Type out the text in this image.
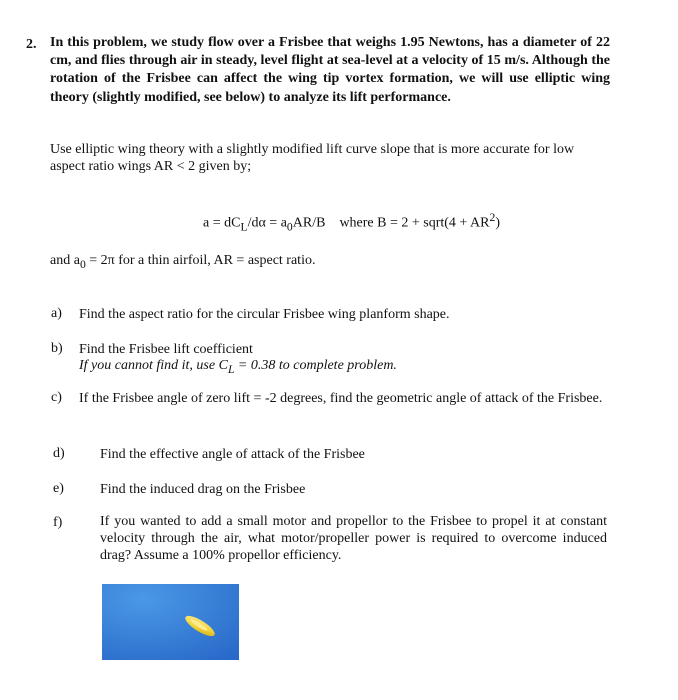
2. In this problem, we study flow over a Frisbee that weighs 1.95 Newtons, has a diameter of 22 cm, and flies through air in steady, level flight at sea-level at a velocity of 15 m/s. Although the rotation of the Frisbee can affect the wing tip vortex formation, we will use elliptic wing theory (slightly modified, see below) to analyze its lift performance.
Use elliptic wing theory with a slightly modified lift curve slope that is more accurate for low aspect ratio wings AR < 2 given by;
$a = dC_L/d\alpha = a_0AR/B$ where B = 2 + sqrt(4 + $AR^2$)
and $a_0 = 2\pi$ for a thin airfoil, AR = aspect ratio.
a) Find the aspect ratio for the circular Frisbee wing planform shape.
b) Find the Frisbee lift coefficient
If you cannot find it, use $C_L = 0.38$ to complete problem.
c) If the Frisbee angle of zero lift = -2 degrees, find the geometric angle of attack of the Frisbee.
d)	Find the effective angle of attack of the Frisbee
e)	Find the induced drag on the Frisbee
f)	If you wanted to add a small motor and propellor to the Frisbee to propel it at constant velocity through the air, what motor/propeller power is required to overcome induced drag? Assume a 100% propellor efficiency.
